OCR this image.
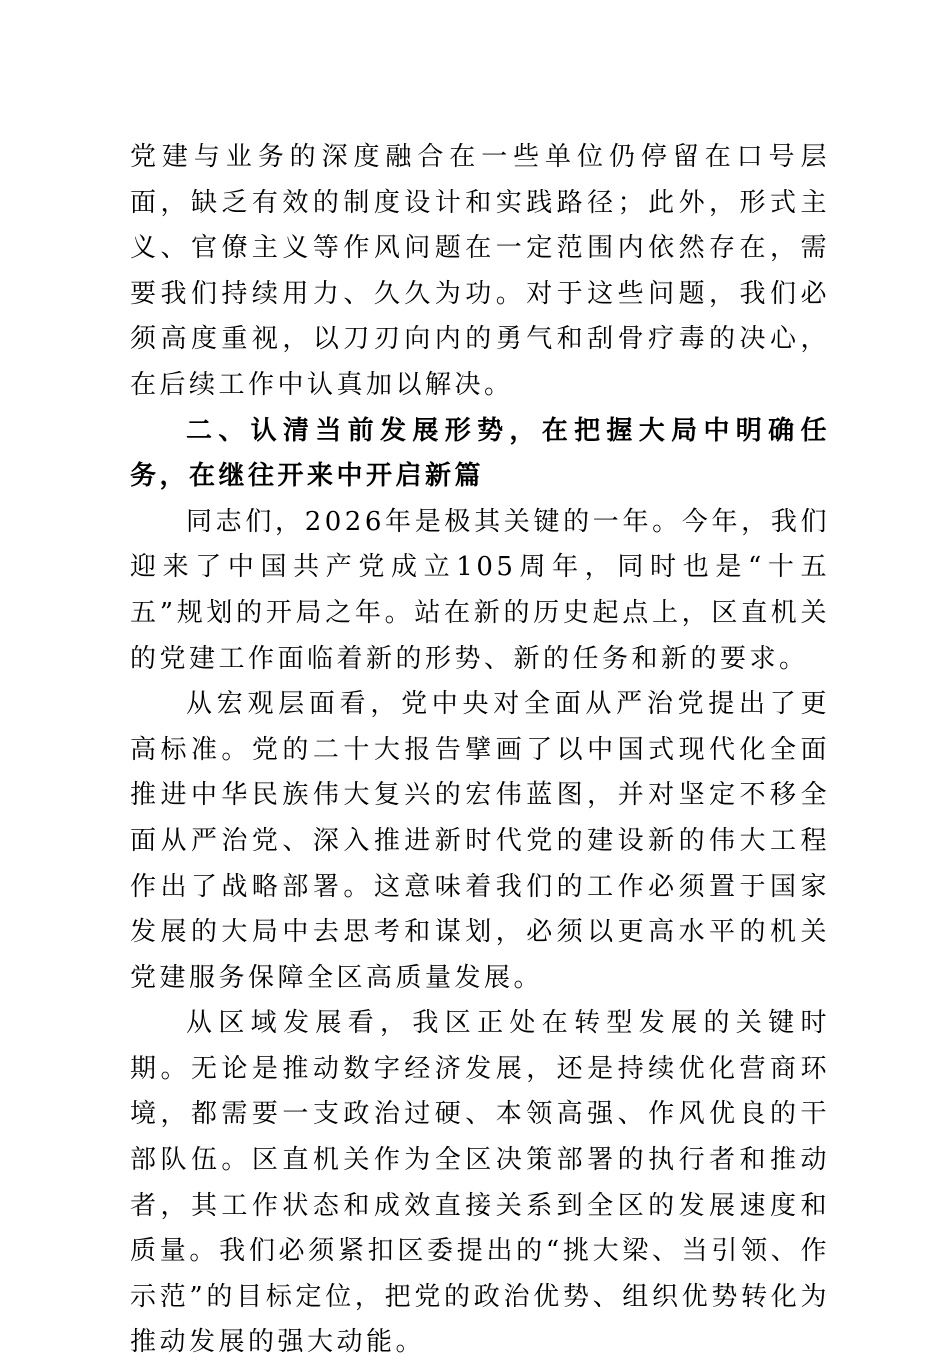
党建与业务的深度融合在一些单位仍停留在口号层面，缺乏有效的制度设计和实践路径；此外，形式主义、官僚主义等作风问题在一定范围内依然存在，需要我们持续用力、久久为功。对于这些问题，我们必须高度重视，以刀刃向内的勇气和刮骨疗毒的决心，在后续工作中认真加以解决。

二、认清当前发展形势，在把握大局中明确任务，在继往开来中开启新篇

同志们，2026年是极其关键的一年。今年，我们迎来了中国共产党成立105周年，同时也是“十五五”规划的开局之年。站在新的历史起点上，区直机关的党建工作面临着新的形势、新的任务和新的要求。

从宏观层面看，党中央对全面从严治党提出了更高标准。党的二十大报告擘画了以中国式现代化全面推进中华民族伟大复兴的宏伟蓝图，并对坚定不移全面从严治党、深入推进新时代党的建设新的伟大工程作出了战略部署。这意味着我们的工作必须置于国家发展的大局中去思考和谋划，必须以更高水平的机关党建服务保障全区高质量发展。

从区域发展看，我区正处在转型发展的关键时期。无论是推动数字经济发展，还是持续优化营商环境，都需要一支政治过硬、本领高强、作风优良的干部队伍。区直机关作为全区决策部署的执行者和推动者，其工作状态和成效直接关系到全区的发展速度和质量。我们必须紧扣区委提出的“挑大梁、当引领、作示范”的目标定位，把党的政治优势、组织优势转化为推动发展的强大动能。
